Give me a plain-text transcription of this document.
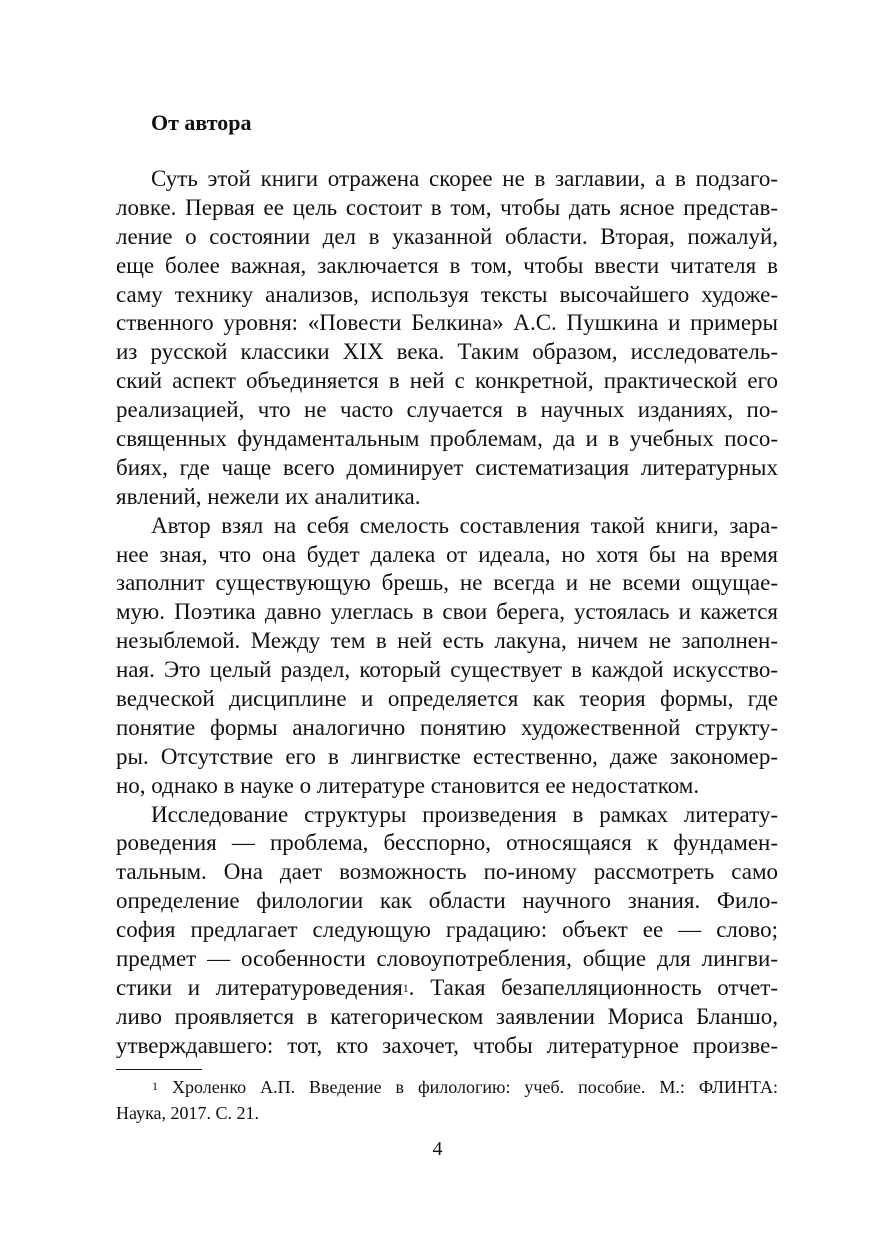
От автора
Суть этой книги отражена скорее не в заглавии, а в подзаго-
ловке. Первая ее цель состоит в том, чтобы дать ясное представ-
ление о состоянии дел в указанной области. Вторая, пожалуй,
еще более важная, заключается в том, чтобы ввести читателя в
саму технику анализов, используя тексты высочайшего художе-
ственного уровня: «Повести Белкина» А.С. Пушкина и примеры
из русской классики XIX века. Таким образом, исследователь-
ский аспект объединяется в ней с конкретной, практической его
реализацией, что не часто случается в научных изданиях, по-
священных фундаментальным проблемам, да и в учебных посо-
биях, где чаще всего доминирует систематизация литературных
явлений, нежели их аналитика.
Автор взял на себя смелость составления такой книги, зара-
нее зная, что она будет далека от идеала, но хотя бы на время
заполнит существующую брешь, не всегда и не всеми ощущае-
мую. Поэтика давно улеглась в свои берега, устоялась и кажется
незыблемой. Между тем в ней есть лакуна, ничем не заполнен-
ная. Это целый раздел, который существует в каждой искусство-
ведческой дисциплине и определяется как теория формы, где
понятие формы аналогично понятию художественной структу-
ры. Отсутствие его в лингвистке естественно, даже закономер-
но, однако в науке о литературе становится ее недостатком.
Исследование структуры произведения в рамках литерату-
роведения — проблема, бесспорно, относящаяся к фундамен-
тальным. Она дает возможность по-иному рассмотреть само
определение филологии как области научного знания. Фило-
софия предлагает следующую градацию: объект ее — слово;
предмет — особенности словоупотребления, общие для лингви-
стики и литературоведения$^1$. Такая безапелляционность отчет-
ливо проявляется в категорическом заявлении Мориса Бланшо,
утверждавшего: тот, кто захочет, чтобы литературное произве-
$^1$ Хроленко А.П. Введение в филологию: учеб. пособие. М.: ФЛИНТА:
Наука, 2017. С. 21.
4
